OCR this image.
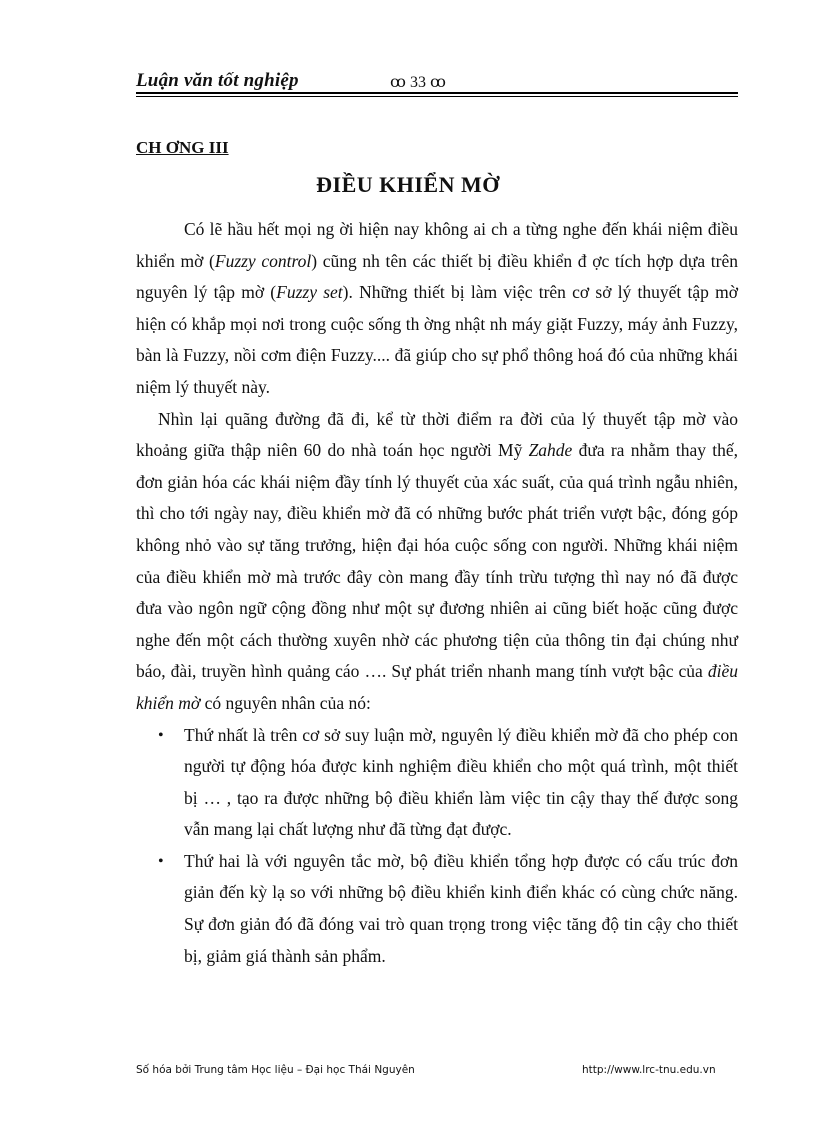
Luận văn tốt nghiệp	ꝏ 33 ꝏ
CH ƠNG III
ĐIỀU KHIỂN MỜ

Có lẽ hầu hết mọi ng ời hiện nay không ai ch a từng nghe đến khái niệm điều khiển mờ (Fuzzy control) cũng nh tên các thiết bị điều khiển đ ợc tích hợp dựa trên nguyên lý tập mờ (Fuzzy set). Những thiết bị làm việc trên cơ sở lý thuyết tập mờ hiện có khắp mọi nơi trong cuộc sống th ờng nhật nh máy giặt Fuzzy, máy ảnh Fuzzy, bàn là Fuzzy, nồi cơm điện Fuzzy.... đã giúp cho sự phổ thông hoá đó của những khái niệm lý thuyết này.

Nhìn lại quãng đường đã đi, kể từ thời điểm ra đời của lý thuyết tập mờ vào khoảng giữa thập niên 60 do nhà toán học người Mỹ Zahde đưa ra nhằm thay thế, đơn giản hóa các khái niệm đầy tính lý thuyết của xác suất, của quá trình ngẫu nhiên, thì cho tới ngày nay, điều khiển mờ đã có những bước phát triển vượt bậc, đóng góp không nhỏ vào sự tăng trưởng, hiện đại hóa cuộc sống con người. Những khái niệm của điều khiển mờ mà trước đây còn mang đầy tính trừu tượng thì nay nó đã được đưa vào ngôn ngữ cộng đồng như một sự đương nhiên ai cũng biết hoặc cũng được nghe đến một cách thường xuyên nhờ các phương tiện của thông tin đại chúng như báo, đài, truyền hình quảng cáo …. Sự phát triển nhanh mang tính vượt bậc của điều khiển mờ có nguyên nhân của nó:

• Thứ nhất là trên cơ sở suy luận mờ, nguyên lý điều khiển mờ đã cho phép con người tự động hóa được kinh nghiệm điều khiển cho một quá trình, một thiết bị … , tạo ra được những bộ điều khiển làm việc tin cậy thay thế được song vẫn mang lại chất lượng như đã từng đạt được.
• Thứ hai là với nguyên tắc mờ, bộ điều khiển tổng hợp được có cấu trúc đơn giản đến kỳ lạ so với những bộ điều khiển kinh điển khác có cùng chức năng. Sự đơn giản đó đã đóng vai trò quan trọng trong việc tăng độ tin cậy cho thiết bị, giảm giá thành sản phẩm.
Số hóa bởi Trung tâm Học liệu – Đại học Thái Nguyên	http://www.lrc-tnu.edu.vn
